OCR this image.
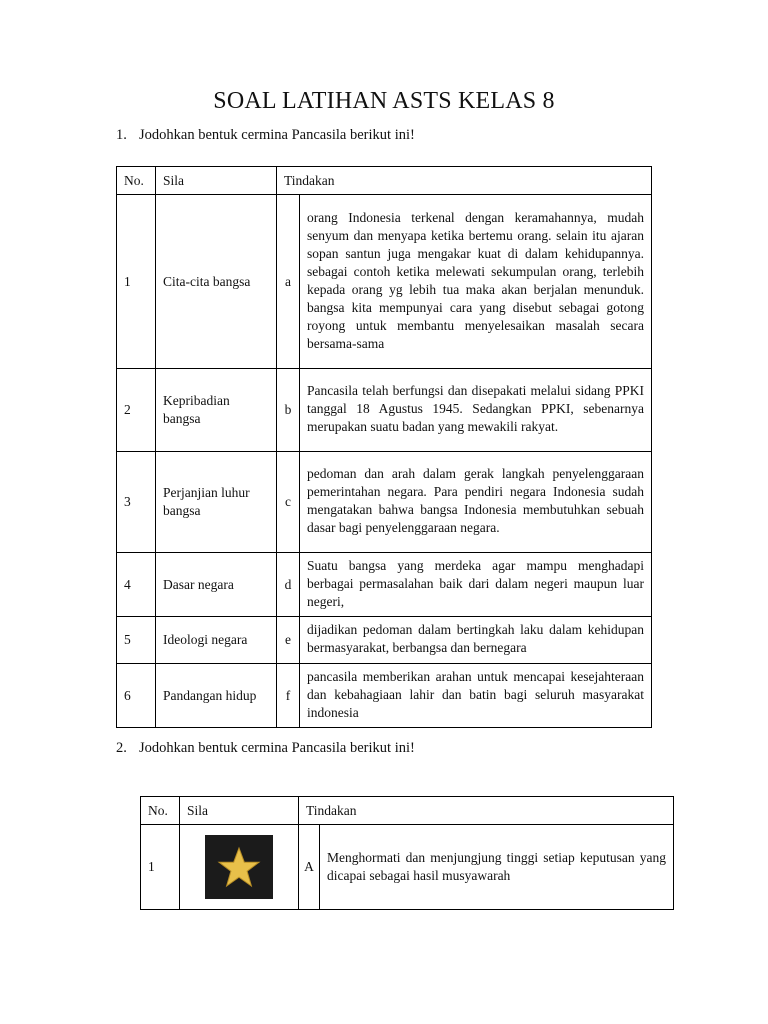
SOAL LATIHAN ASTS KELAS 8
1. Jodohkan bentuk cermina Pancasila berikut ini!
No.	Sila	Tindakan	
1	Cita-cita bangsa	a	orang Indonesia terkenal dengan keramahannya, mudah senyum dan menyapa ketika bertemu orang. selain itu ajaran sopan santun juga mengakar kuat di dalam kehidupannya. sebagai contoh ketika melewati sekumpulan orang, terlebih kepada orang yg lebih tua maka akan berjalan menunduk. bangsa kita mempunyai cara yang disebut sebagai gotong royong untuk membantu menyelesaikan masalah secara bersama-sama
2	Kepribadian bangsa	b	Pancasila telah berfungsi dan disepakati melalui sidang PPKI tanggal 18 Agustus 1945. Sedangkan PPKI, sebenarnya merupakan suatu badan yang mewakili rakyat.
3	Perjanjian luhur bangsa	c	pedoman dan arah dalam gerak langkah penyelenggaraan pemerintahan negara. Para pendiri negara Indonesia sudah mengatakan bahwa bangsa Indonesia membutuhkan sebuah dasar bagi penyelenggaraan negara.
4	Dasar negara	d	Suatu bangsa yang merdeka agar mampu menghadapi berbagai permasalahan baik dari dalam negeri maupun luar negeri,
5	Ideologi negara	e	dijadikan pedoman dalam bertingkah laku dalam kehidupan bermasyarakat, berbangsa dan bernegara
6	Pandangan hidup	f	pancasila memberikan arahan untuk mencapai kesejahteraan dan kebahagiaan lahir dan batin bagi seluruh masyarakat indonesia
2. Jodohkan bentuk cermina Pancasila berikut ini!
No.	Sila	Tindakan	
1		A	Menghormati dan menjungjung tinggi setiap keputusan yang dicapai sebagai hasil musyawarah
